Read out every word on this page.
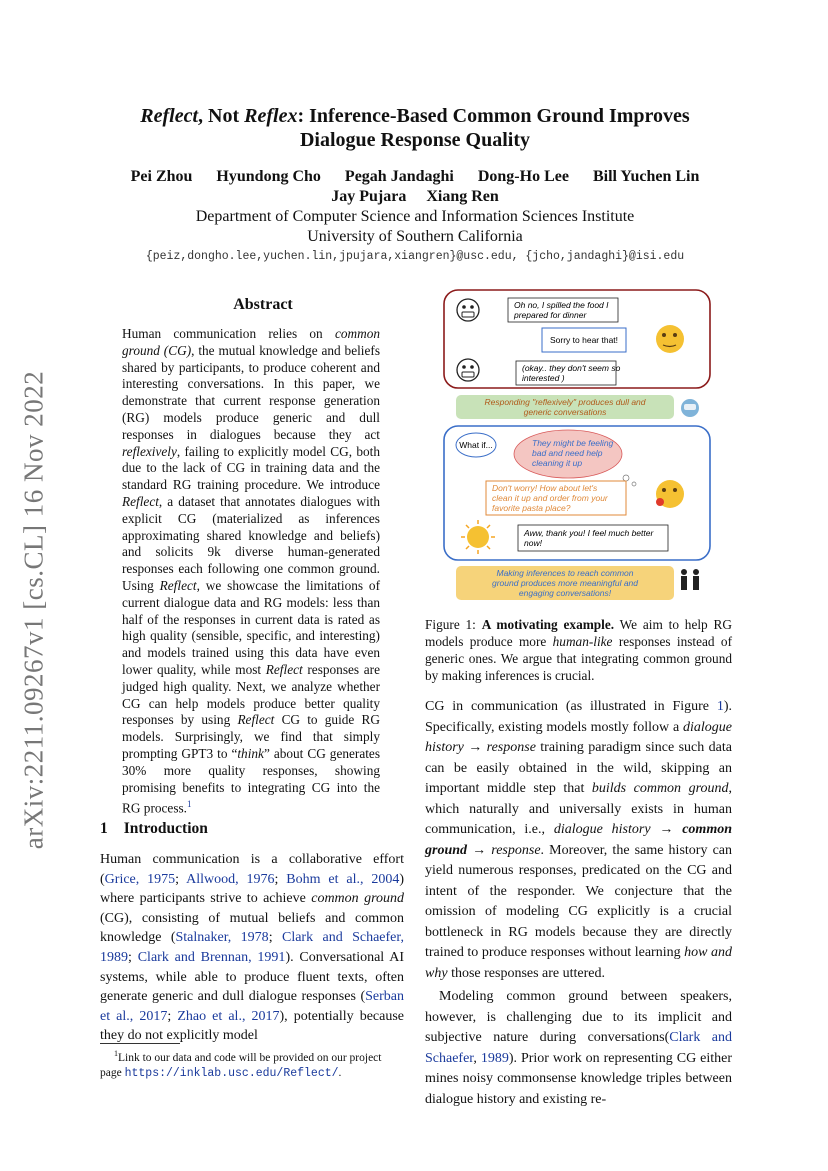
arXiv:2211.09267v1 [cs.CL] 16 Nov 2022
Reflect, Not Reflex: Inference-Based Common Ground Improves
Dialogue Response Quality
Pei Zhou Hyundong Cho Pegah Jandaghi Dong-Ho Lee Bill Yuchen Lin
Jay Pujara Xiang Ren
Department of Computer Science and Information Sciences Institute
University of Southern California
{peiz,dongho.lee,yuchen.lin,jpujara,xiangren}@usc.edu, {jcho,jandaghi}@isi.edu
Abstract
Human communication relies on common ground (CG), the mutual knowledge and beliefs shared by participants, to produce coherent and interesting conversations. In this paper, we demonstrate that current response generation (RG) models produce generic and dull responses in dialogues because they act reflexively, failing to explicitly model CG, both due to the lack of CG in training data and the standard RG training procedure. We introduce Reflect, a dataset that annotates dialogues with explicit CG (materialized as inferences approximating shared knowledge and beliefs) and solicits 9k diverse human-generated responses each following one common ground. Using Reflect, we showcase the limitations of current dialogue data and RG models: less than half of the responses in current data is rated as high quality (sensible, specific, and interesting) and models trained using this data have even lower quality, while most Reflect responses are judged high quality. Next, we analyze whether CG can help models produce better quality responses by using Reflect CG to guide RG models. Surprisingly, we find that simply prompting GPT3 to “think” about CG generates 30% more quality responses, showing promising benefits to integrating CG into the RG process.$^1$
1 Introduction
Human communication is a collaborative effort (Grice, 1975; Allwood, 1976; Bohm et al., 2004) where participants strive to achieve common ground (CG), consisting of mutual beliefs and common knowledge (Stalnaker, 1978; Clark and Schaefer, 1989; Clark and Brennan, 1991). Conversational AI systems, while able to produce fluent texts, often generate generic and dull dialogue responses (Serban et al., 2017; Zhao et al., 2017), potentially because they do not explicitly model
$^1$Link to our data and code will be provided on our project page https://inklab.usc.edu/Reflect/.
Oh no, I spilled the food I
prepared for dinner
Sorry to hear that!
(okay.. they don't seem so
interested )
Responding "reflexively" produces dull and
generic conversations
What if...	They might be feeling
bad and need help
cleaning it up
Don't worry! How about let's
clean it up and order from your
favorite pasta place?
Aww, thank you! I feel much better
now!
Making inferences to reach common
ground produces more meaningful and
engaging conversations!
Figure 1: A motivating example. We aim to help RG models produce more human-like responses instead of generic ones. We argue that integrating common ground by making inferences is crucial.

CG in communication (as illustrated in Figure 1). Specifically, existing models mostly follow a dialogue history → response training paradigm since such data can be easily obtained in the wild, skipping an important middle step that builds common ground, which naturally and universally exists in human communication, i.e., dialogue history → common ground → response. Moreover, the same history can yield numerous responses, predicated on the CG and intent of the responder. We conjecture that the omission of modeling CG explicitly is a crucial bottleneck in RG models because they are directly trained to produce responses without learning how and why those responses are uttered.

Modeling common ground between speakers, however, is challenging due to its implicit and subjective nature during conversations(Clark and Schaefer, 1989). Prior work on representing CG either mines noisy commonsense knowledge triples between dialogue history and existing re-
